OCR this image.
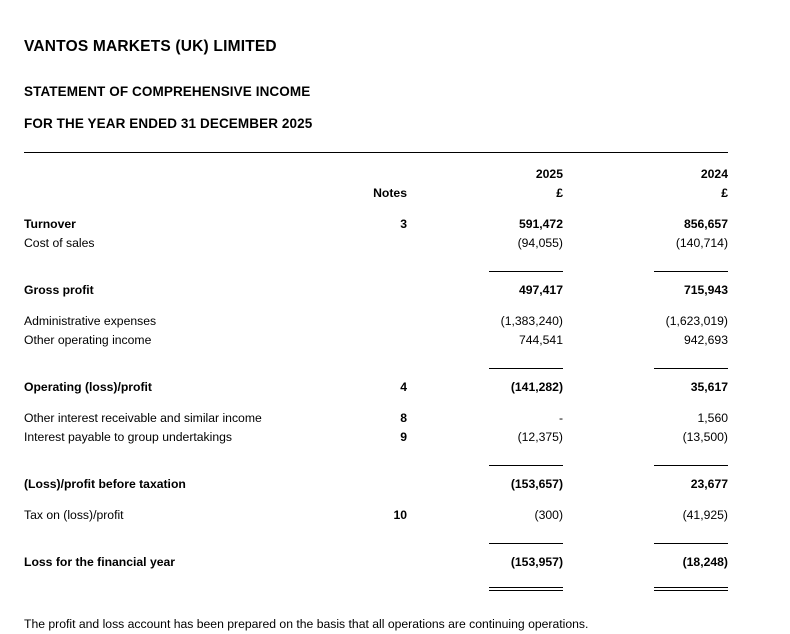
VANTOS MARKETS (UK) LIMITED
STATEMENT OF COMPREHENSIVE INCOME
FOR THE YEAR ENDED 31 DECEMBER 2025

			2025		2024
	Notes		£		£

Turnover	3		591,472		856,657
Cost of sales			(94,055)		(140,714)

Gross profit			497,417		715,943

Administrative expenses			(1,383,240)		(1,623,019)
Other operating income			744,541		942,693

Operating (loss)/profit	4		(141,282)		35,617

Other interest receivable and similar income	8		-		1,560
Interest payable to group undertakings	9		(12,375)		(13,500)

(Loss)/profit before taxation			(153,657)		23,677

Tax on (loss)/profit	10		(300)		(41,925)

Loss for the financial year			(153,957)		(18,248)

The profit and loss account has been prepared on the basis that all operations are continuing operations.
